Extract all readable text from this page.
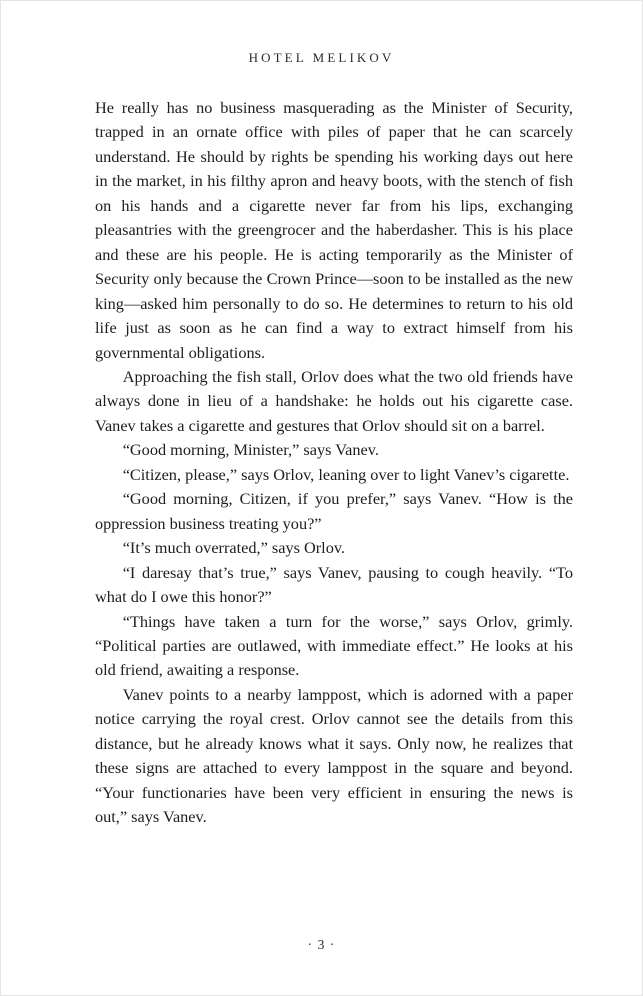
HOTEL MELIKOV

He really has no business masquerading as the Minister of Security, trapped in an ornate office with piles of paper that he can scarcely understand. He should by rights be spending his working days out here in the market, in his filthy apron and heavy boots, with the stench of fish on his hands and a cigarette never far from his lips, exchanging pleasantries with the greengrocer and the haberdasher. This is his place and these are his people. He is acting temporarily as the Minister of Security only because the Crown Prince—soon to be installed as the new king—asked him personally to do so. He determines to return to his old life just as soon as he can find a way to extract himself from his governmental obligations.

Approaching the fish stall, Orlov does what the two old friends have always done in lieu of a handshake: he holds out his cigarette case. Vanev takes a cigarette and gestures that Orlov should sit on a barrel.

“Good morning, Minister,” says Vanev.

“Citizen, please,” says Orlov, leaning over to light Vanev’s cigarette.

“Good morning, Citizen, if you prefer,” says Vanev. “How is the oppression business treating you?”

“It’s much overrated,” says Orlov.

“I daresay that’s true,” says Vanev, pausing to cough heavily. “To what do I owe this honor?”

“Things have taken a turn for the worse,” says Orlov, grimly. “Political parties are outlawed, with immediate effect.” He looks at his old friend, awaiting a response.

Vanev points to a nearby lamppost, which is adorned with a paper notice carrying the royal crest. Orlov cannot see the details from this distance, but he already knows what it says. Only now, he realizes that these signs are attached to every lamppost in the square and beyond. “Your functionaries have been very efficient in ensuring the news is out,” says Vanev.

· 3 ·
